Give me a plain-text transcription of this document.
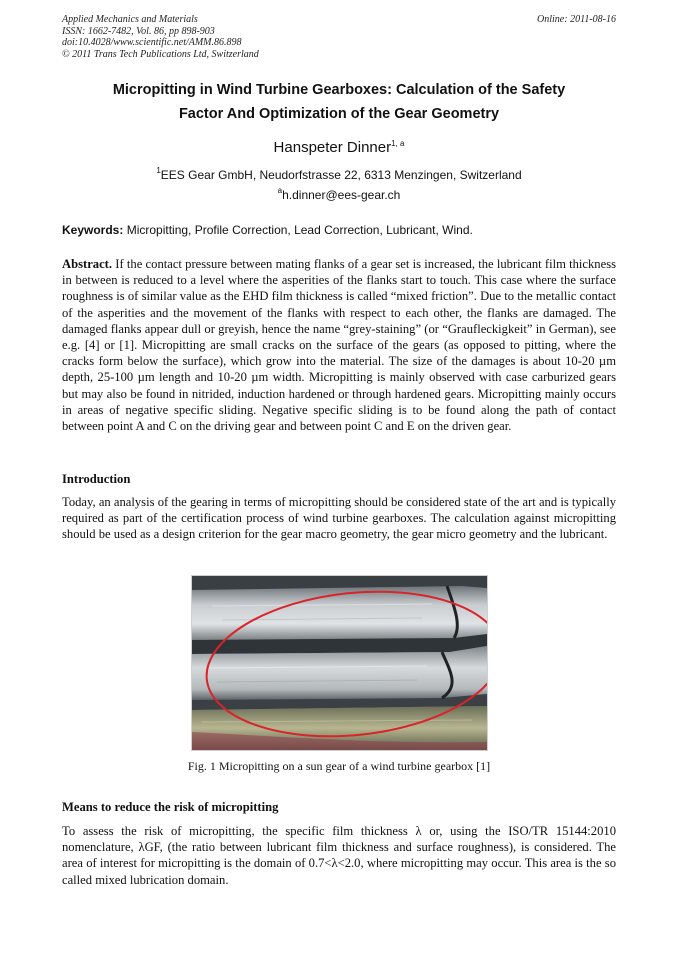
Applied Mechanics and Materials
ISSN: 1662-7482, Vol. 86, pp 898-903
doi:10.4028/www.scientific.net/AMM.86.898
© 2011 Trans Tech Publications Ltd, Switzerland
Online: 2011-08-16
Micropitting in Wind Turbine Gearboxes: Calculation of the Safety
Factor And Optimization of the Gear Geometry
Hanspeter Dinner$^{1, a}$
$^1$EES Gear GmbH, Neudorfstrasse 22, 6313 Menzingen, Switzerland
$^a$h.dinner@ees-gear.ch
Keywords: Micropitting, Profile Correction, Lead Correction, Lubricant, Wind.

Abstract. If the contact pressure between mating flanks of a gear set is increased, the lubricant film thickness in between is reduced to a level where the asperities of the flanks start to touch. This case where the surface roughness is of similar value as the EHD film thickness is called “mixed friction”. Due to the metallic contact of the asperities and the movement of the flanks with respect to each other, the flanks are damaged. The damaged flanks appear dull or greyish, hence the name “grey-staining” (or “Graufleckigkeit” in German), see e.g. [4] or [1]. Micropitting are small cracks on the surface of the gears (as opposed to pitting, where the cracks form below the surface), which grow into the material. The size of the damages is about 10-20 µm depth, 25-100 µm length and 10-20 µm width. Micropitting is mainly observed with case carburized gears but may also be found in nitrided, induction hardened or through hardened gears. Micropitting mainly occurs in areas of negative specific sliding. Negative specific sliding is to be found along the path of contact between point A and C on the driving gear and between point C and E on the driven gear.

Introduction

Today, an analysis of the gearing in terms of micropitting should be considered state of the art and is typically required as part of the certification process of wind turbine gearboxes. The calculation against micropitting should be used as a design criterion for the gear macro geometry, the gear micro geometry and the lubricant.

Fig. 1 Micropitting on a sun gear of a wind turbine gearbox [1]

Means to reduce the risk of micropitting

To assess the risk of micropitting, the specific film thickness λ or, using the ISO/TR 15144:2010 nomenclature, λGF, (the ratio between lubricant film thickness and surface roughness), is considered. The area of interest for micropitting is the domain of 0.7<λ<2.0, where micropitting may occur. This area is the so called mixed lubrication domain.
